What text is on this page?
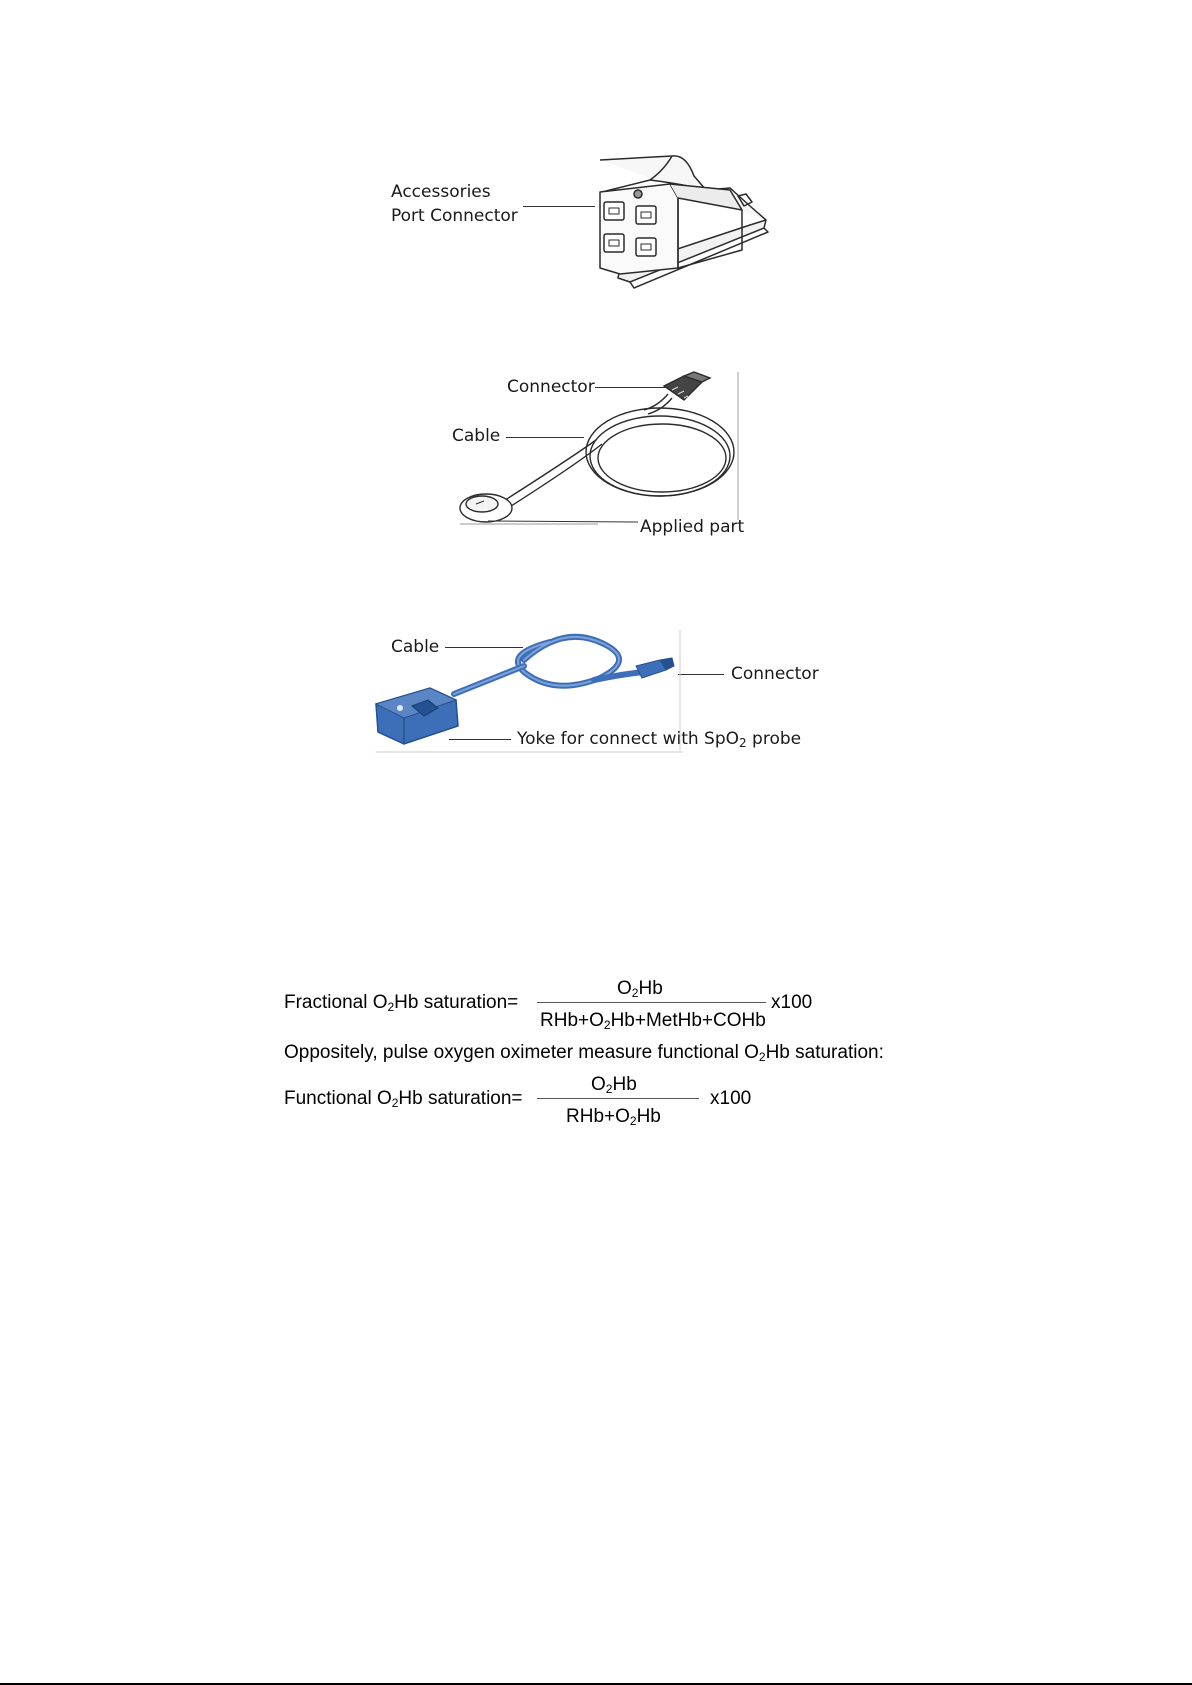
Accessories
Port Connector
Connector
Cable
Applied part
Cable
Connector
Yoke for connect with SpO2 probe
Fractional O2Hb saturation=
O2Hb
RHb+O2Hb+MetHb+COHb
x100
Oppositely, pulse oxygen oximeter measure functional O2Hb saturation:
Functional O2Hb saturation=
O2Hb
RHb+O2Hb
x100
